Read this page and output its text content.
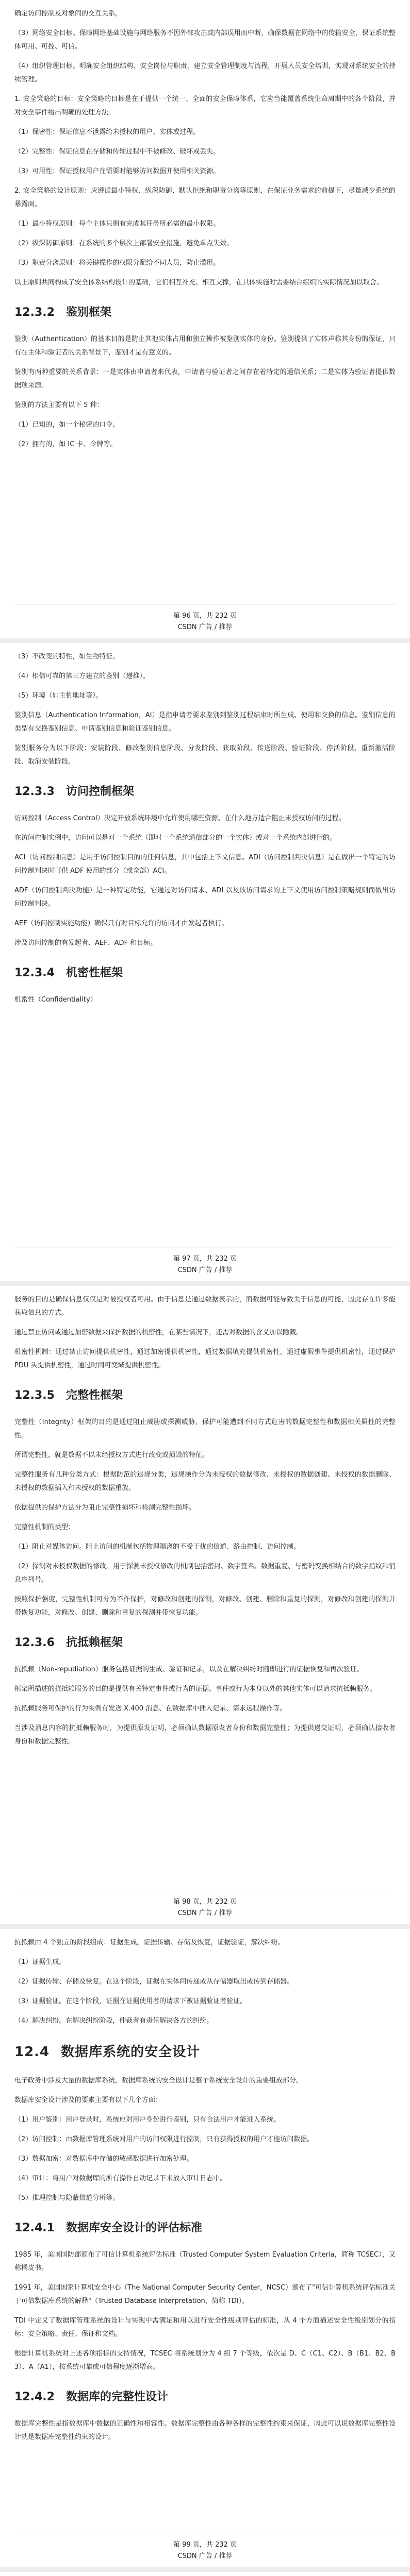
确定访问控制及对象间的交互关系。

（3）网络安全目标。保障网络基础设施与网络服务不因外部攻击或内部误用而中断，确保数据在网络中的传输安全，保证系统整体可用、可控、可信。

（4）组织管理目标。明确安全组织结构、安全岗位与职责，建立安全管理制度与流程，开展人员安全培训，实现对系统安全的持续管理。

1. 安全策略的目标：安全策略的目标是在于提供一个统一、全面的安全保障体系，它应当能覆盖系统生命周期中的各个阶段，并对安全事件给出明确的处理方法。

（1）保密性：保证信息不泄露给未授权的用户、实体或过程。

（2）完整性：保证信息在存储和传输过程中不被修改、破坏或丢失。

（3）可用性：保证授权用户在需要时能够访问数据并使用相关资源。

2. 安全策略的设计原则：应遵循最小特权、纵深防御、默认拒绝和职责分离等原则，在保证业务需求的前提下，尽量减少系统的暴露面。

（1）最小特权原则：每个主体只拥有完成其任务所必需的最小权限。

（2）纵深防御原则：在系统的多个层次上部署安全措施，避免单点失效。

（3）职责分离原则：将关键操作的权限分配给不同人员，防止滥用。

以上原则共同构成了安全体系结构设计的基础，它们相互补充、相互支撑，在具体实施时需要结合组织的实际情况加以取舍。

12.3.2 鉴别框架

鉴别（Authentication）的基本目的是防止其他实体占用和独立操作被鉴别实体的身份。鉴别提供了实体声称其身份的保证，只有在主体和验证者的关系背景下，鉴别才是有意义的。

鉴别有两种重要的关系背景：一是实体由申请者来代表，申请者与验证者之间存在着特定的通信关系；二是实体为验证者提供数据项来源。

鉴别的方法主要有以下 5 种：

（1）已知的，如一个秘密的口令。

（2）拥有的，如 IC 卡、令牌等。

第 96 页，共 232 页
CSDN 广告 / 推荐

（3）不改变的特性，如生物特征。

（4）相信可靠的第三方建立的鉴别（递推）。

（5）环境（如主机地址等）。

鉴别信息（Authentication Information，AI）是指申请者要求鉴别到鉴别过程结束时所生成、使用和交换的信息。鉴别信息的类型有交换鉴别信息、申请鉴别信息和验证鉴别信息。

鉴别服务分为以下阶段：安装阶段、修改鉴别信息阶段、分发阶段、获取阶段、传送阶段、验证阶段、停活阶段、重新激活阶段、取消安装阶段。

12.3.3 访问控制框架

访问控制（Access Control）决定开放系统环境中允许使用哪些资源、在什么地方适合阻止未授权访问的过程。

在访问控制实例中，访问可以是对一个系统（即对一个系统通信部分的一个实体）或对一个系统内部进行的。

ACI（访问控制信息）是用于访问控制目的的任何信息，其中包括上下文信息。ADI（访问控制判决信息）是在做出一个特定的访问控制判决时可供 ADF 使用的部分（或全部）ACI。

ADF（访问控制判决功能）是一种特定功能，它通过对访问请求、ADI 以及该访问请求的上下文使用访问控制策略规则而做出访问控制判决。

AEF（访问控制实施功能）确保只有对目标允许的访问才由发起者执行。

涉及访问控制的有发起者、AEF、ADF 和目标。

12.3.4 机密性框架

机密性（Confidentiality）

第 97 页，共 232 页
CSDN 广告 / 推荐

服务的目的是确保信息仅仅是对被授权者可用。由于信息是通过数据表示的，而数据可能导致关于信息的可能，因此存在许多能获取信息的方式。

通过禁止访问或通过加密数据来保护数据的机密性，在某些情况下，还需对数据的含义加以隐藏。

机密性机制：通过禁止访问提供机密性，通过加密提供机密性，通过数据填充提供机密性，通过虚假事件提供机密性，通过保护 PDU 头提供机密性，通过时间可变域提供机密性。

12.3.5 完整性框架

完整性（Integrity）框架的目的是通过阻止威胁或探测威胁，保护可能遭到不同方式危害的数据完整性和数据相关属性的完整性。

所谓完整性，就是数据不以未经授权方式进行改变或损毁的特征。

完整性服务有几种分类方式：根据防范的违规分类，违规操作分为未授权的数据修改、未授权的数据创建、未授权的数据删除、未授权的数据插入和未授权的数据重放。

依据提供的保护方法分为阻止完整性损坏和检测完整性损坏。

完整性机制的类型：

（1）阻止对媒体访问。阻止访问的机制包括物理隔离的不受干扰的信道、路由控制、访问控制。

（2）探测对未授权数据的修改。用于探测未授权修改的机制包括密封、数字签名、数据重复、与密码变换相结合的数字指纹和消息序列号。

按照保护强度，完整性机制可分为不作保护，对修改和创建的探测，对修改、创建、删除和重复的探测，对修改和创建的探测并带恢复功能，对修改、创建、删除和重复的探测并带恢复功能。

12.3.6 抗抵赖框架

抗抵赖（Non-repudiation）服务包括证据的生成、验证和记录，以及在解决纠纷时随即进行的证据恢复和再次验证。

框架所描述的抗抵赖服务的目的是提供有关特定事件或行为的证据。事件或行为本身以外的其他实体可以请求抗抵赖服务。

抗抵赖服务可保护的行为实例有发送 X.400 消息、在数据库中插入记录、请求远程操作等。

当涉及消息内容的抗抵赖服务时，为提供原发证明，必须确认数据原发者身份和数据完整性；为提供递交证明，必须确认接收者身份和数据完整性。

第 98 页，共 232 页
CSDN 广告 / 推荐

抗抵赖由 4 个独立的阶段组成：证据生成，证据传输、存储及恢复，证据验证，解决纠纷。

（1）证据生成。

（2）证据传输、存储及恢复。在这个阶段，证据在实体间传递或从存储器取出或传到存储器。

（3）证据验证。在这个阶段，证据在证据使用者的请求下被证据验证者验证。

（4）解决纠纷。在解决纠纷阶段，仲裁者有责任解决各方的纠纷。

12.4 数据库系统的安全设计

电子政务中涉及大量的数据库系统，数据库系统的安全设计是整个系统安全设计的重要组成部分。

数据库安全设计涉及的要素主要有以下几个方面：

（1）用户鉴别：用户登录时，系统应对用户身份进行鉴别，只有合法用户才能进入系统。

（2）访问控制：由数据库管理系统对用户的访问权限进行控制，只有获得授权的用户才能访问数据。

（3）数据加密：对数据库中存储的敏感数据进行加密处理。

（4）审计：将用户对数据库的所有操作自动记录下来放入审计日志中。

（5）推理控制与隐蔽信道分析等。

12.4.1 数据库安全设计的评估标准

1985 年，美国国防部颁布了可信计算机系统评估标准（Trusted Computer System Evaluation Criteria，简称 TCSEC），又称橘皮书。

1991 年，美国国家计算机安全中心（The National Computer Security Center，NCSC）颁布了"可信计算机系统评估标准关于可信数据库系统的解释"（Trusted Database Interpretation，简称 TDI）。

TDI 中定义了数据库管理系统的设计与实现中需满足和用以进行安全性级别评估的标准，从 4 个方面描述安全性级别划分的指标：安全策略、责任、保证和文档。

根据计算机系统对上述各项指标的支持情况，TCSEC 将系统划分为 4 组 7 个等级，依次是 D、C（C1、C2）、B（B1、B2、B3）、A（A1），按系统可靠或可信程度逐渐增高。

12.4.2 数据库的完整性设计

数据库完整性是指数据库中数据的正确性和相容性。数据库完整性由各种各样的完整性约束来保证，因此可以说数据库完整性设计就是数据库完整性约束的设计。

第 99 页，共 232 页
CSDN 广告 / 推荐
